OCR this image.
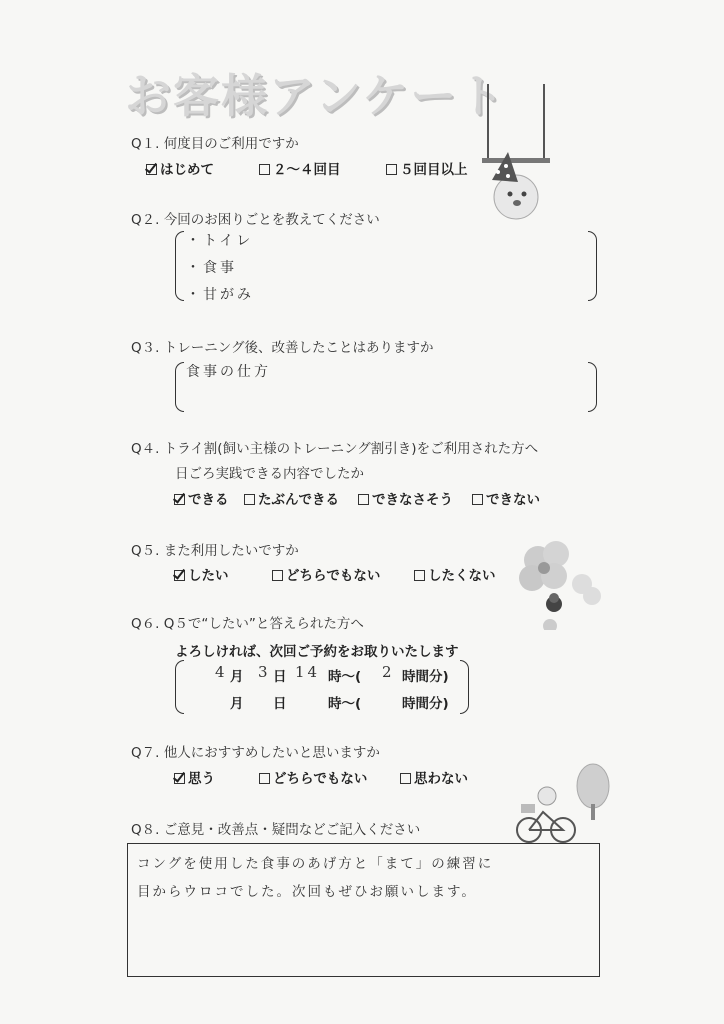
お客様アンケート
Q１. 何度目のご利用ですか
はじめて	２～４回目	５回目以上
Q２. 今回のお困りごとを教えてください
・トイレ
・食事
・甘がみ
Q３. トレーニング後、改善したことはありますか
食事の仕方
Q４. トライ割(飼い主様のトレーニング割引き)をご利用された方へ
日ごろ実践できる内容でしたか
できる	たぶんできる	できなさそう	できない
Q５. また利用したいですか
したい	どちらでもない	したくない
Q６. Q５で“したい”と答えられた方へ
よろしければ、次回ご予約をお取りいたします
4 月 3 日 14 時～( 2 時間分)
月 日	時～(	時間分)
Q７. 他人におすすめしたいと思いますか
思う	どちらでもない	思わない
Q８. ご意見・改善点・疑問などご記入ください
コングを使用した食事のあげ方と「まて」の練習に
目からウロコでした。次回もぜひお願いします。
